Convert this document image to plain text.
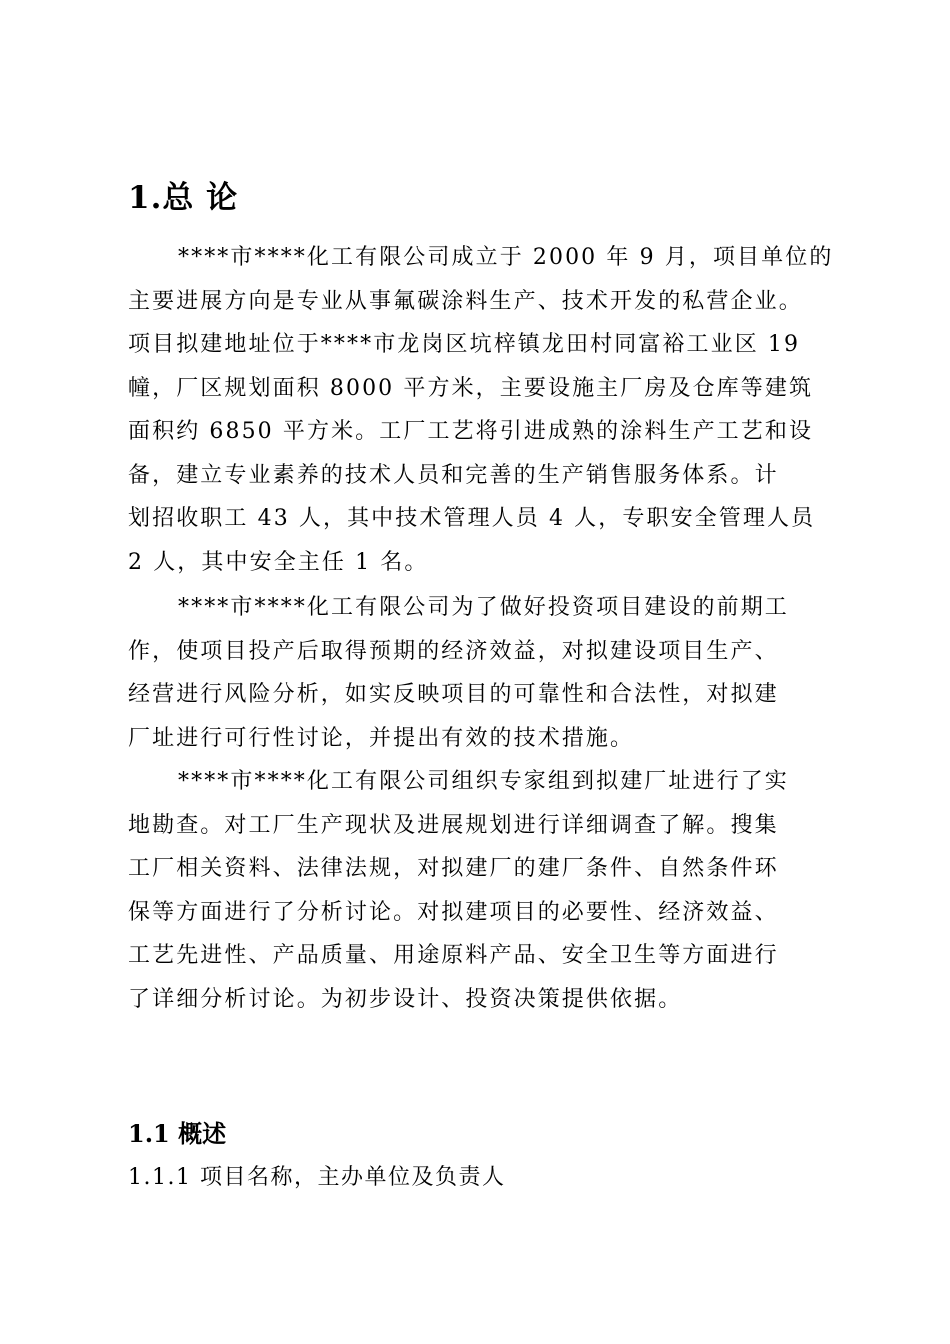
1.总 论
****市****化工有限公司成立于 2000 年 9 月，项目单位的
主要进展方向是专业从事氟碳涂料生产、技术开发的私营企业。
项目拟建地址位于****市龙岗区坑梓镇龙田村同富裕工业区 19
幢，厂区规划面积 8000 平方米，主要设施主厂房及仓库等建筑
面积约 6850 平方米。工厂工艺将引进成熟的涂料生产工艺和设
备，建立专业素养的技术人员和完善的生产销售服务体系。计
划招收职工 43 人，其中技术管理人员 4 人，专职安全管理人员
2 人，其中安全主任 1 名。
****市****化工有限公司为了做好投资项目建设的前期工
作，使项目投产后取得预期的经济效益，对拟建设项目生产、
经营进行风险分析，如实反映项目的可靠性和合法性，对拟建
厂址进行可行性讨论，并提出有效的技术措施。
****市****化工有限公司组织专家组到拟建厂址进行了实
地勘查。对工厂生产现状及进展规划进行详细调查了解。搜集
工厂相关资料、法律法规，对拟建厂的建厂条件、自然条件环
保等方面进行了分析讨论。对拟建项目的必要性、经济效益、
工艺先进性、产品质量、用途原料产品、安全卫生等方面进行
了详细分析讨论。为初步设计、投资决策提供依据。
1.1 概述
1.1.1 项目名称，主办单位及负责人
